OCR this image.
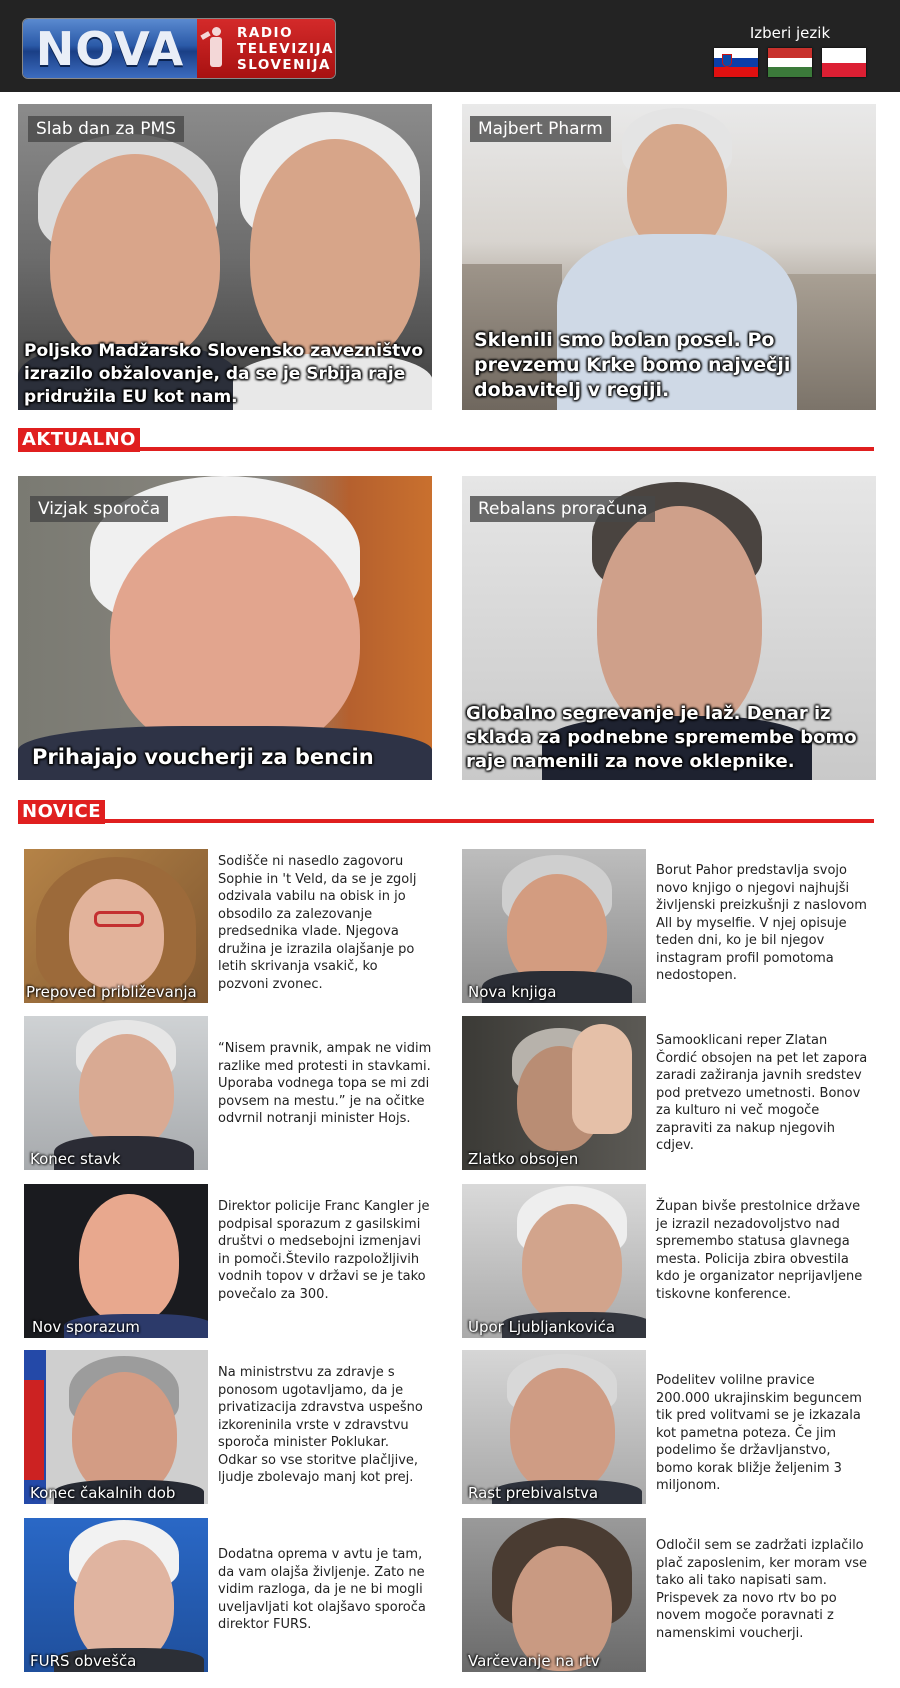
NOVA	RADIO
TELEVIZIJA
SLOVENIJA
Izberi jezik
Slab dan za PMS
Poljsko Madžarsko Slovensko zavezništvo izrazilo obžalovanje, da se je Srbija raje pridružila EU kot nam.
Majbert Pharm
Sklenili smo bolan posel. Po prevzemu Krke bomo največji dobavitelj v regiji.
AKTUALNO
Vizjak sporoča
Prihajajo voucherji za bencin
Rebalans proračuna
Globalno segrevanje je laž. Denar iz sklada za podnebne spremembe bomo raje namenili za nove oklepnike.
NOVICE
Prepoved približevanja
Sodišče ni nasedlo zagovoru Sophie in 't Veld, da se je zgolj odzivala vabilu na obisk in jo obsodilo za zalezovanje predsednika vlade. Njegova družina je izrazila olajšanje po letih skrivanja vsakič, ko pozvoni zvonec.	Nova knjiga
Borut Pahor predstavlja svojo novo knjigo o njegovi najhujši življenski preizkušnji z naslovom All by myselfie. V njej opisuje teden dni, ko je bil njegov instagram profil pomotoma nedostopen.
Konec stavk
“Nisem pravnik, ampak ne vidim razlike med protesti in stavkami. Uporaba vodnega topa se mi zdi povsem na mestu.” je na očitke odvrnil notranji minister Hojs.
Zlatko obsojen
Samooklicani reper Zlatan Čordić obsojen na pet let zapora zaradi zažiranja javnih sredstev pod pretvezo umetnosti. Bonov za kulturo ni več mogoče zapraviti za nakup njegovih cdjev.
Nov sporazum
Direktor policije Franc Kangler je podpisal sporazum z gasilskimi društvi o medsebojni izmenjavi in pomoči.Število razpoložljivih vodnih topov v državi se je tako povečalo za 300.
Upor Ljubljankovića
Župan bivše prestolnice države je izrazil nezadovoljstvo nad spremembo statusa glavnega mesta. Policija zbira obvestila kdo je organizator neprijavljene tiskovne konference.
Konec čakalnih dob
Na ministrstvu za zdravje s ponosom ugotavljamo, da je privatizacija zdravstva uspešno izkoreninila vrste v zdravstvu sporoča minister Poklukar. Odkar so vse storitve plačljive, ljudje zbolevajo manj kot prej.
Rast prebivalstva
Podelitev volilne pravice 200.000 ukrajinskim beguncem tik pred volitvami se je izkazala kot pametna poteza. Če jim podelimo še državljanstvo, bomo korak bližje željenim 3 miljonom.
FURS obvešča
Dodatna oprema v avtu je tam, da vam olajša življenje. Zato ne vidim razloga, da je ne bi mogli uveljavljati kot olajšavo sporoča direktor FURS.
Varčevanje na rtv
Odločil sem se zadržati izplačilo plač zaposlenim, ker moram vse tako ali tako napisati sam. Prispevek za novo rtv bo po novem mogoče poravnati z namenskimi voucherji.
